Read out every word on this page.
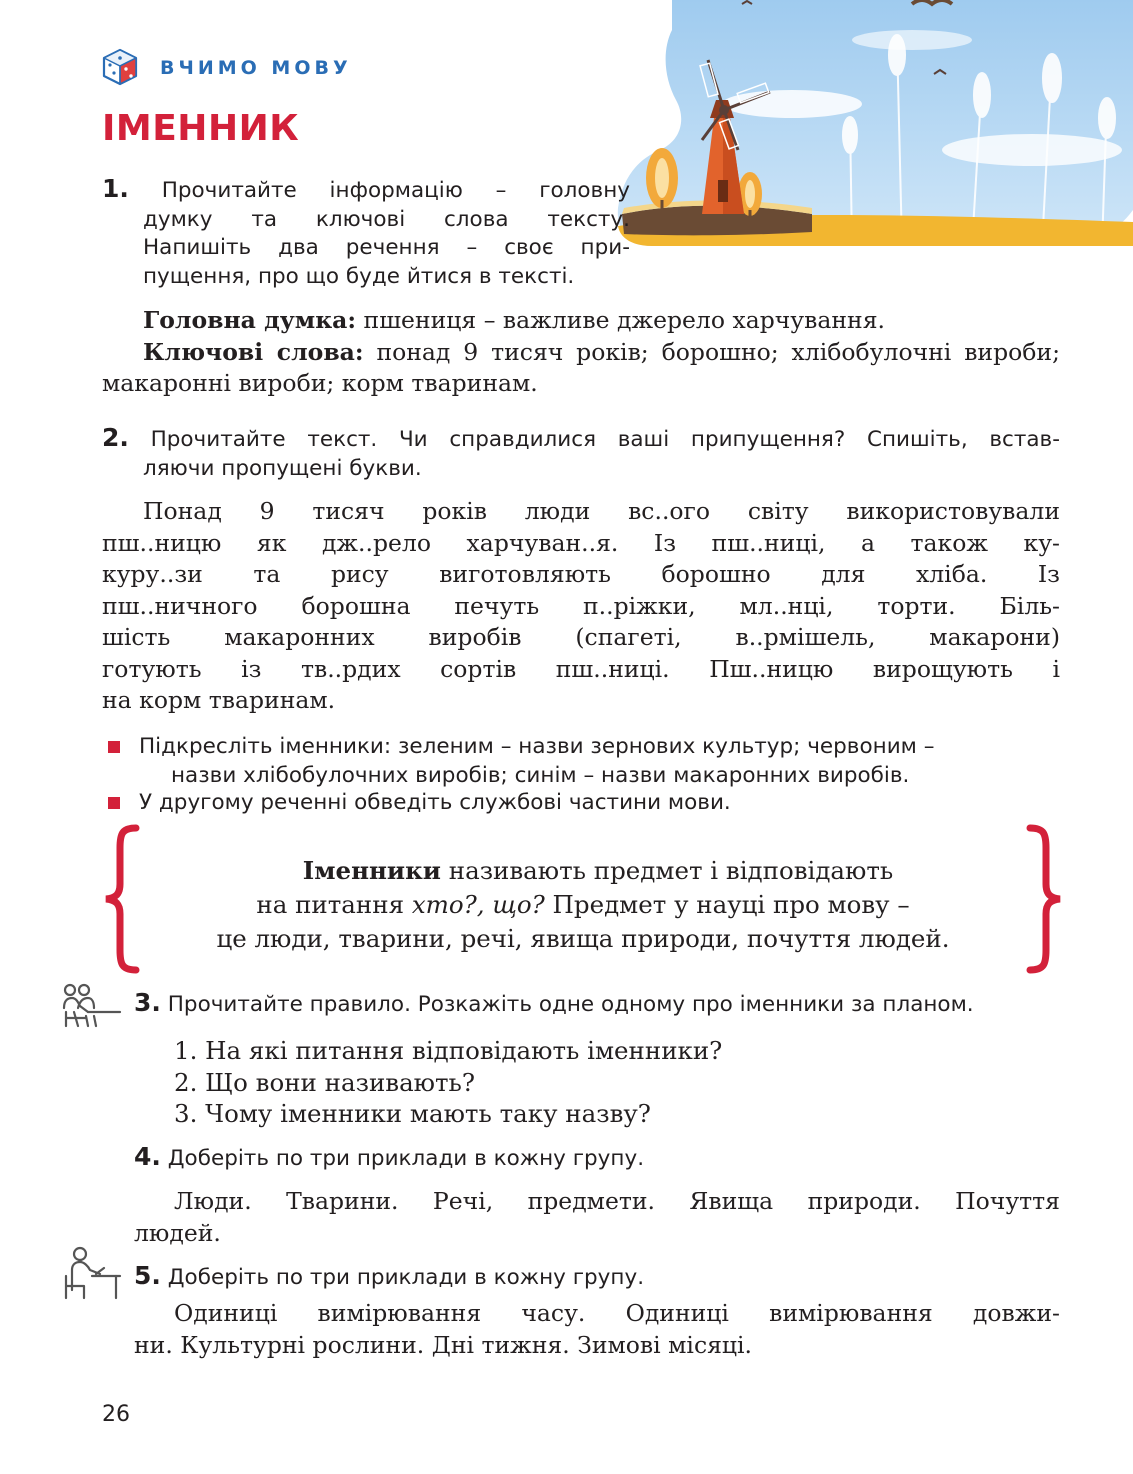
ВЧИМО МОВУ
ІМЕННИК
1. Прочитайте інформацію – головну
думку та ключові слова тексту.
Напишіть два речення – своє при-
пущення, про що буде йтися в тексті.

Головна думка: пшениця – важливе джерело харчування.

Ключові слова: понад 9 тисяч років; борошно; хлібобулочні вироби; макаронні вироби; корм тваринам.

2. Прочитайте текст. Чи справдилися ваші припущення? Спишіть, встав-
ляючи пропущені букви.
Понад 9 тисяч років люди вс..ого світу використовували
пш..ницю як дж..рело харчуван..я. Із пш..ниці, а також ку-
куру..зи та рису виготовляють борошно для хліба. Із
пш..ничного борошна печуть п..ріжки, мл..нці, торти. Біль-
шість макаронних виробів (спагеті, в..рмішель, макарони)
готують із тв..рдих сортів пш..ниці. Пш..ницю вирощують і
на корм тваринам.
Підкресліть іменники: зеленим – назви зернових культур; червоним –
назви хлібобулочних виробів; синім – назви макаронних виробів.
У другому реченні обведіть службові частини мови.
Іменники називають предмет і відповідають
на питання хто?, що? Предмет у науці про мову –
це люди, тварини, речі, явища природи, почуття людей.
3. Прочитайте правило. Розкажіть одне одному про іменники за планом.
1. На які питання відповідають іменники?
2. Що вони називають?
3. Чому іменники мають таку назву?
4. Доберіть по три приклади в кожну групу.
Люди. Тварини. Речі, предмети. Явища природи. Почуття
людей.
5. Доберіть по три приклади в кожну групу.
Одиниці вимірювання часу. Одиниці вимірювання довжи-
ни. Культурні рослини. Дні тижня. Зимові місяці.
26
